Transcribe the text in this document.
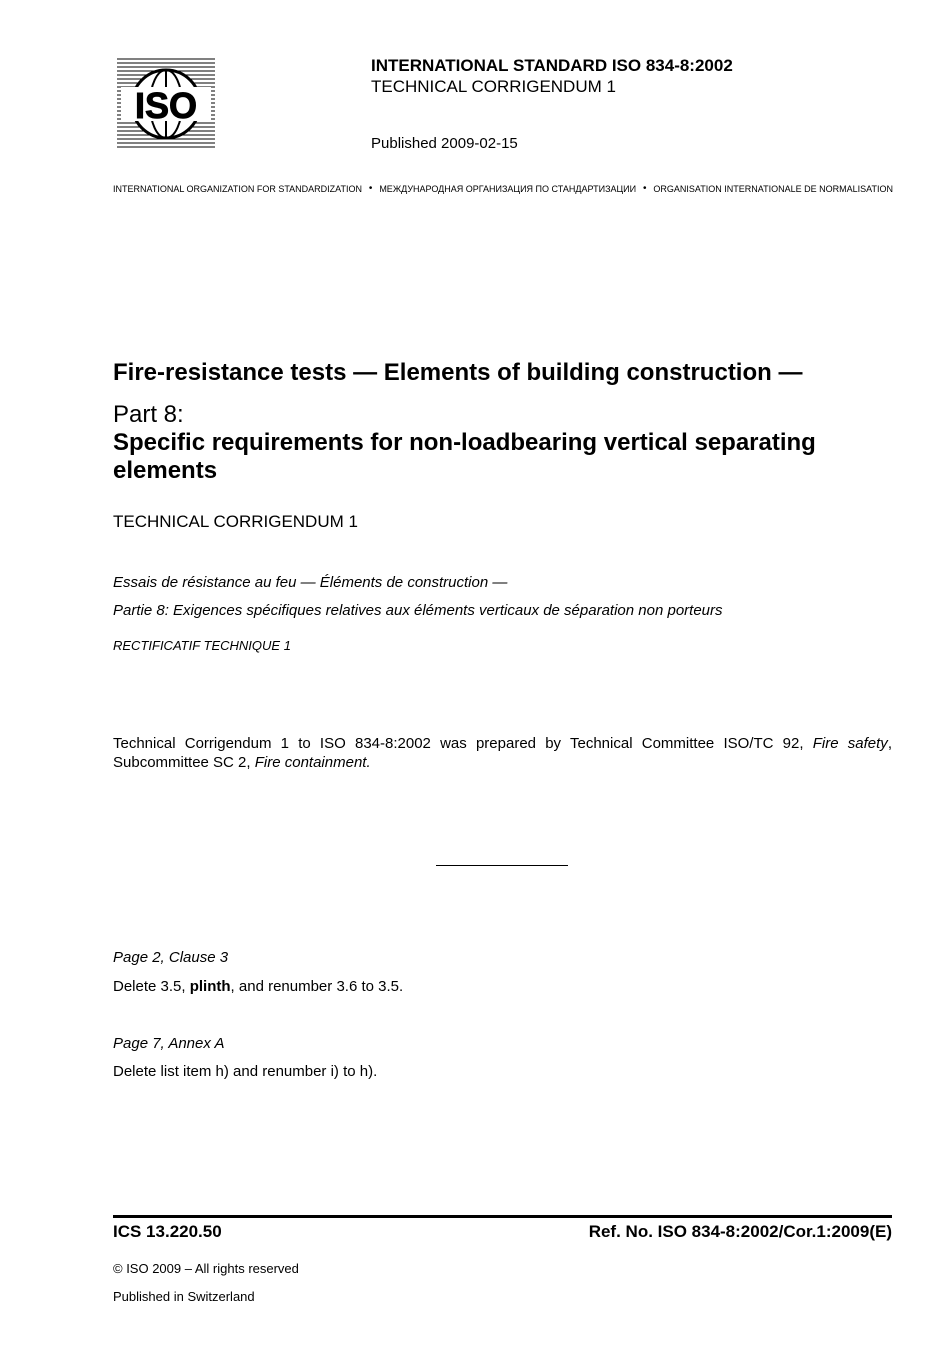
ISO
INTERNATIONAL STANDARD ISO 834-8:2002
TECHNICAL CORRIGENDUM 1
Published 2009-02-15
INTERNATIONAL ORGANIZATION FOR STANDARDIZATION • МЕЖДУНАРОДНАЯ ОРГАНИЗАЦИЯ ПО СТАНДАРТИЗАЦИИ • ORGANISATION INTERNATIONALE DE NORMALISATION
Fire-resistance tests — Elements of building construction —
Part 8:
Specific requirements for non-loadbearing vertical separating elements
TECHNICAL CORRIGENDUM 1
Essais de résistance au feu — Éléments de construction —
Partie 8: Exigences spécifiques relatives aux éléments verticaux de séparation non porteurs
RECTIFICATIF TECHNIQUE 1
Technical Corrigendum 1 to ISO 834-8:2002 was prepared by Technical Committee ISO/TC 92, Fire safety, Subcommittee SC 2, Fire containment.
Page 2, Clause 3
Delete 3.5, plinth, and renumber 3.6 to 3.5.
Page 7, Annex A
Delete list item h) and renumber i) to h).
ICS 13.220.50	Ref. No. ISO 834-8:2002/Cor.1:2009(E)
© ISO 2009 – All rights reserved
Published in Switzerland
